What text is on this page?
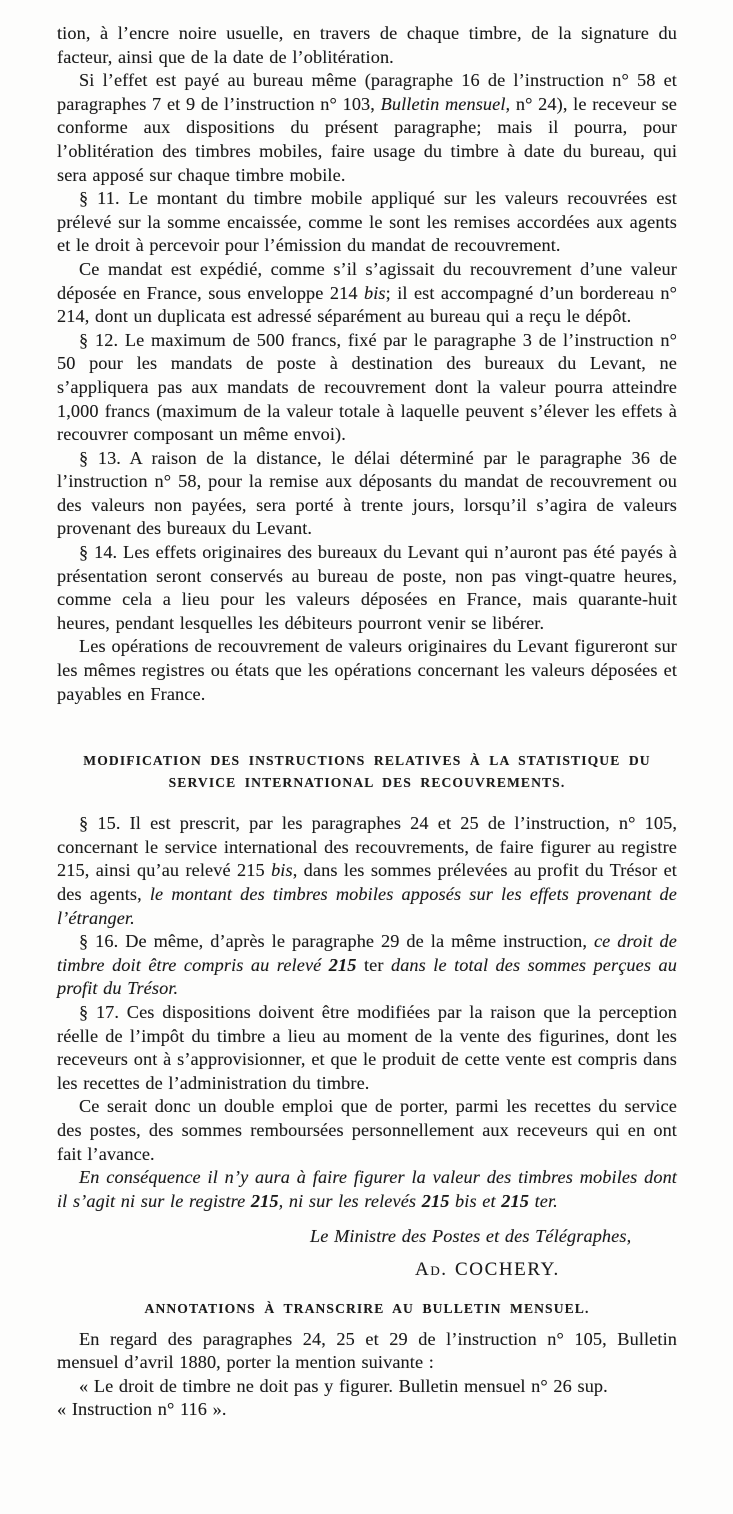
tion, à l’encre noire usuelle, en travers de chaque timbre, de la signature du facteur, ainsi que de la date de l’oblitération.

Si l’effet est payé au bureau même (paragraphe 16 de l’instruction n° 58 et paragraphes 7 et 9 de l’instruction n° 103, Bulletin mensuel, n° 24), le receveur se conforme aux dispositions du présent paragraphe; mais il pourra, pour l’oblitération des timbres mobiles, faire usage du timbre à date du bureau, qui sera apposé sur chaque timbre mobile.

§ 11. Le montant du timbre mobile appliqué sur les valeurs recouvrées est prélevé sur la somme encaissée, comme le sont les remises accordées aux agents et le droit à percevoir pour l’émission du mandat de recouvrement.

Ce mandat est expédié, comme s’il s’agissait du recouvrement d’une valeur déposée en France, sous enveloppe 214 bis; il est accompagné d’un bordereau n° 214, dont un duplicata est adressé séparément au bureau qui a reçu le dépôt.

§ 12. Le maximum de 500 francs, fixé par le paragraphe 3 de l’instruction n° 50 pour les mandats de poste à destination des bureaux du Levant, ne s’appliquera pas aux mandats de recouvrement dont la valeur pourra atteindre 1,000 francs (maximum de la valeur totale à laquelle peuvent s’élever les effets à recouvrer composant un même envoi).

§ 13. A raison de la distance, le délai déterminé par le paragraphe 36 de l’instruction n° 58, pour la remise aux déposants du mandat de recouvrement ou des valeurs non payées, sera porté à trente jours, lorsqu’il s’agira de valeurs provenant des bureaux du Levant.

§ 14. Les effets originaires des bureaux du Levant qui n’auront pas été payés à présentation seront conservés au bureau de poste, non pas vingt-quatre heures, comme cela a lieu pour les valeurs déposées en France, mais quarante-huit heures, pendant lesquelles les débiteurs pourront venir se libérer.

Les opérations de recouvrement de valeurs originaires du Levant figureront sur les mêmes registres ou états que les opérations concernant les valeurs déposées et payables en France.

MODIFICATION DES INSTRUCTIONS RELATIVES À LA STATISTIQUE DU SERVICE INTERNATIONAL DES RECOUVREMENTS.

§ 15. Il est prescrit, par les paragraphes 24 et 25 de l’instruction, n° 105, concernant le service international des recouvrements, de faire figurer au registre 215, ainsi qu’au relevé 215 bis, dans les sommes prélevées au profit du Trésor et des agents, le montant des timbres mobiles apposés sur les effets provenant de l’étranger.

§ 16. De même, d’après le paragraphe 29 de la même instruction, ce droit de timbre doit être compris au relevé 215 ter dans le total des sommes perçues au profit du Trésor.

§ 17. Ces dispositions doivent être modifiées par la raison que la perception réelle de l’impôt du timbre a lieu au moment de la vente des figurines, dont les receveurs ont à s’approvisionner, et que le produit de cette vente est compris dans les recettes de l’administration du timbre.

Ce serait donc un double emploi que de porter, parmi les recettes du service des postes, des sommes remboursées personnellement aux receveurs qui en ont fait l’avance.

En conséquence il n’y aura à faire figurer la valeur des timbres mobiles dont il s’agit ni sur le registre 215, ni sur les relevés 215 bis et 215 ter.

Le Ministre des Postes et des Télégraphes,

Ad. COCHERY.

ANNOTATIONS À TRANSCRIRE AU BULLETIN MENSUEL.

En regard des paragraphes 24, 25 et 29 de l’instruction n° 105, Bulletin mensuel d’avril 1880, porter la mention suivante :

« Le droit de timbre ne doit pas y figurer. Bulletin mensuel n° 26 sup.

« Instruction n° 116 ».
